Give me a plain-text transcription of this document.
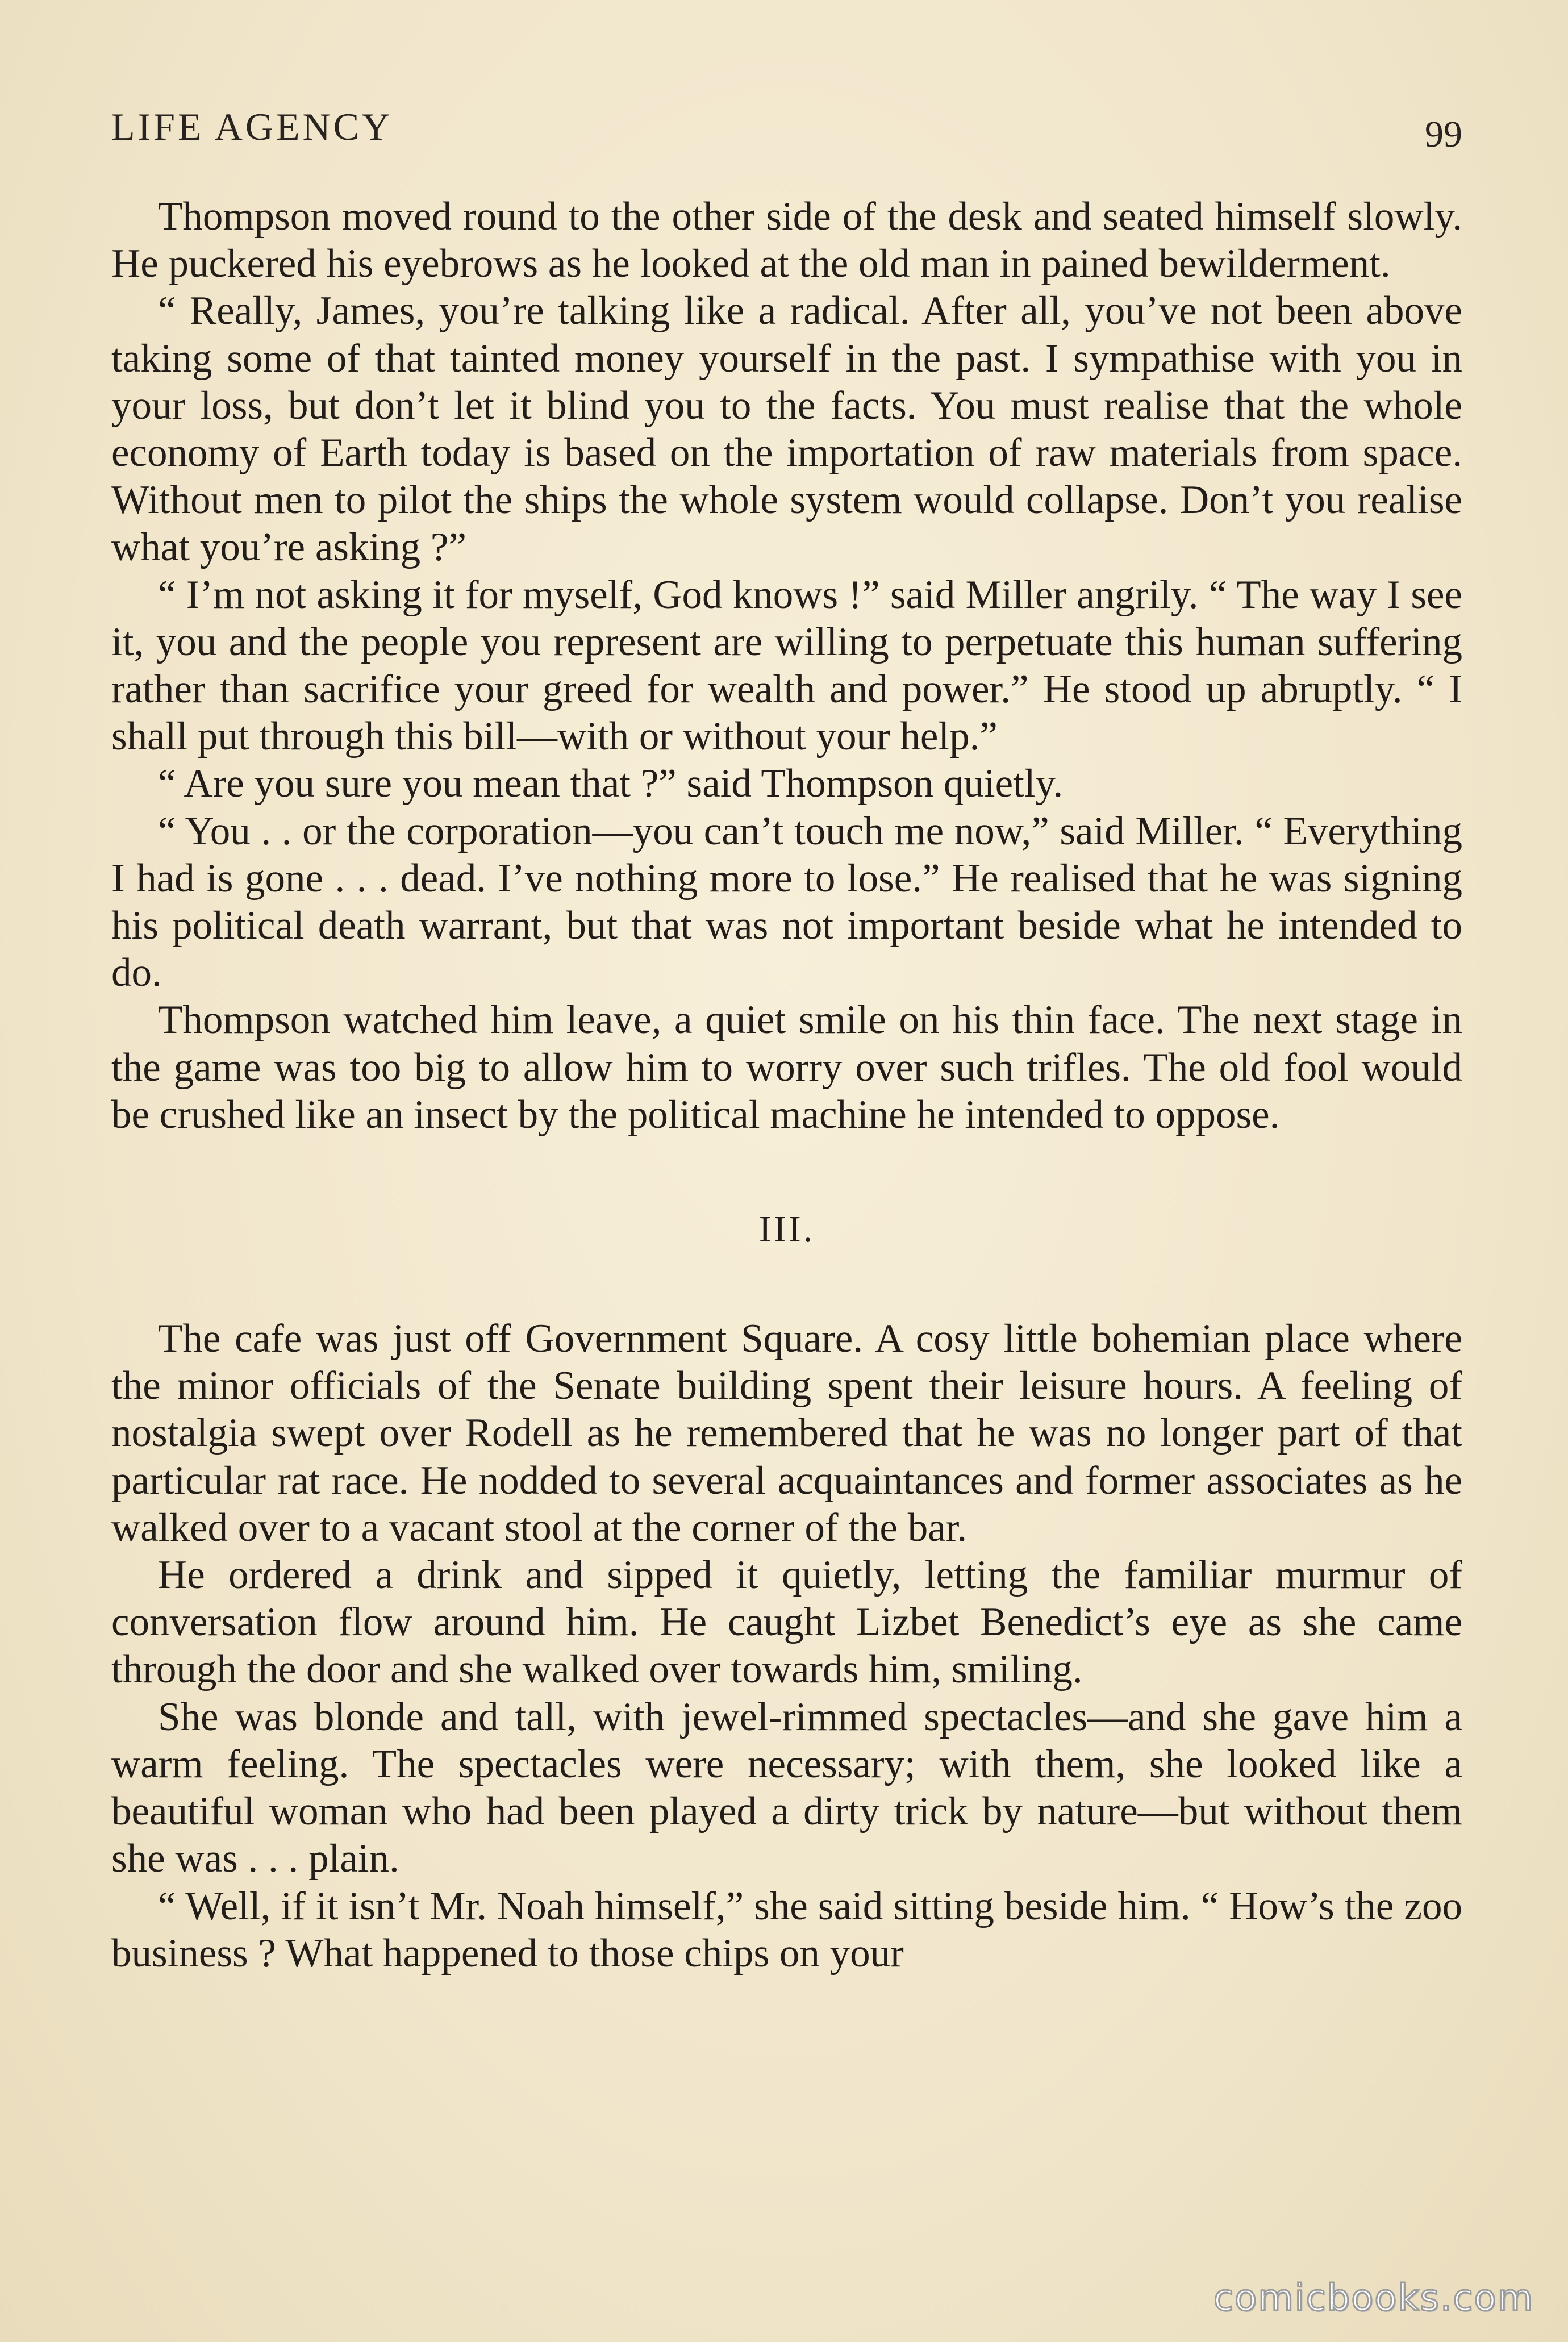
LIFE AGENCY	99

Thompson moved round to the other side of the desk and seated himself slowly. He puckered his eyebrows as he looked at the old man in pained bewilderment.

“ Really, James, you’re talking like a radical. After all, you’ve not been above taking some of that tainted money yourself in the past. I sympathise with you in your loss, but don’t let it blind you to the facts. You must realise that the whole economy of Earth today is based on the importation of raw materials from space. Without men to pilot the ships the whole system would collapse. Don’t you realise what you’re asking ?”

“ I’m not asking it for myself, God knows !” said Miller angrily. “ The way I see it, you and the people you represent are willing to perpetuate this human suffering rather than sacrifice your greed for wealth and power.” He stood up abruptly. “ I shall put through this bill—with or without your help.”

“ Are you sure you mean that ?” said Thompson quietly.

“ You . . or the corporation—you can’t touch me now,” said Miller. “ Everything I had is gone . . . dead. I’ve nothing more to lose.” He realised that he was signing his political death warrant, but that was not important beside what he intended to do.

Thompson watched him leave, a quiet smile on his thin face. The next stage in the game was too big to allow him to worry over such trifles. The old fool would be crushed like an insect by the political machine he intended to oppose.

III.

The cafe was just off Government Square. A cosy little bohemian place where the minor officials of the Senate building spent their leisure hours. A feeling of nostalgia swept over Rodell as he remembered that he was no longer part of that particular rat race. He nodded to several acquaintances and former associates as he walked over to a vacant stool at the corner of the bar.

He ordered a drink and sipped it quietly, letting the familiar murmur of conversation flow around him. He caught Lizbet Benedict’s eye as she came through the door and she walked over towards him, smiling.

She was blonde and tall, with jewel-rimmed spectacles—and she gave him a warm feeling. The spectacles were necessary; with them, she looked like a beautiful woman who had been played a dirty trick by nature—but without them she was . . . plain.

“ Well, if it isn’t Mr. Noah himself,” she said sitting beside him. “ How’s the zoo business ? What happened to those chips on your

comicbooks.com
